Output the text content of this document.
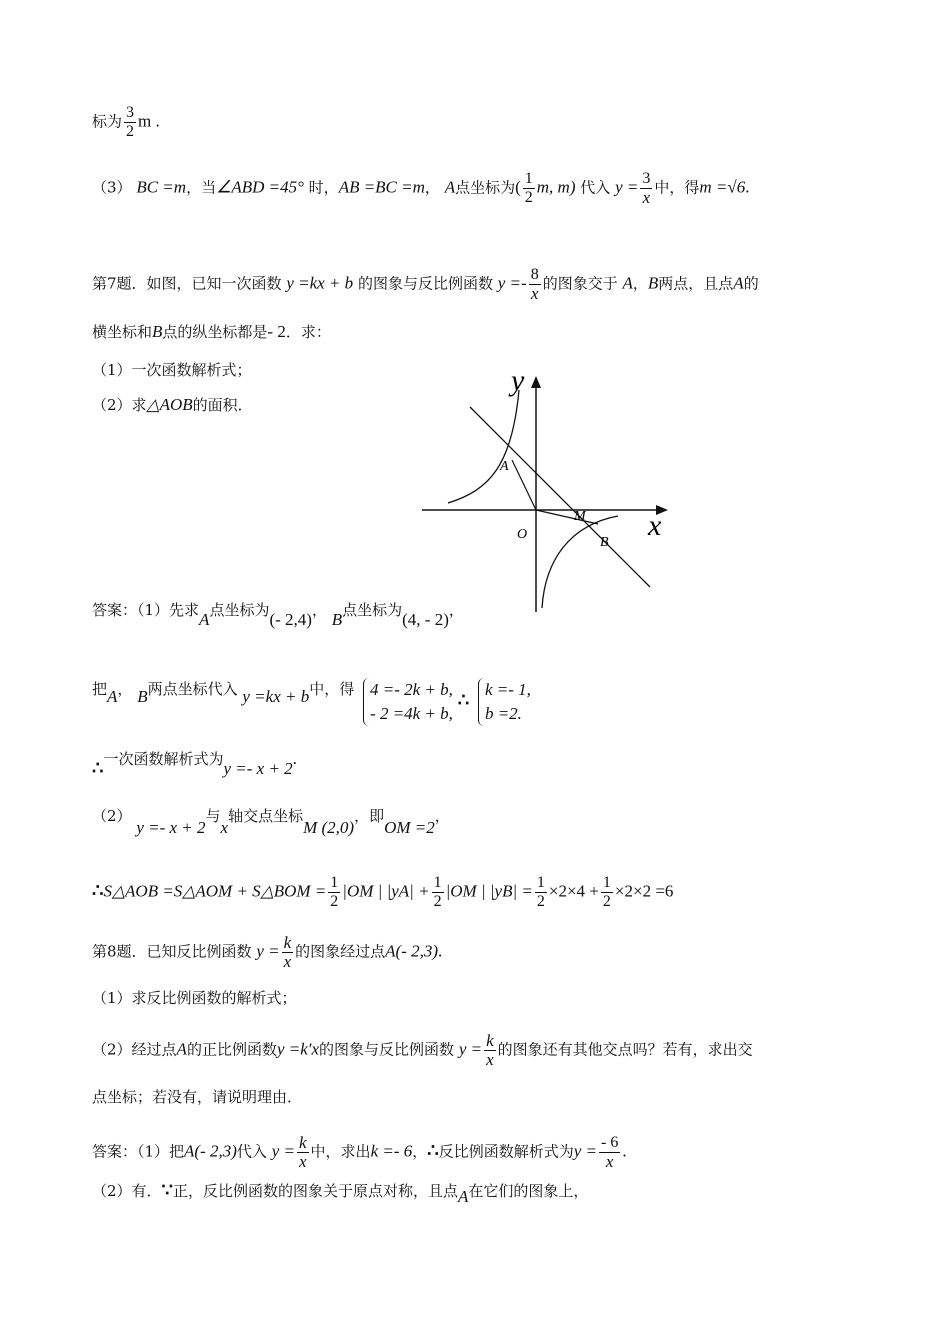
标为 $\frac{3}{2}$ m .
（3） BC =m，当∠ABD =45° 时，AB =BC =m， A点坐标为( $\frac{1}{2} m$, m) 代入 $y = \frac{3}{x}$ 中，得m =√6.
第7题．如图，已知一次函数 y =kx + b 的图象与反比例函数 $y =- \frac{8}{x}$ 的图象交于 A，B两点，且点A的
横坐标和B点的纵坐标都是- 2．求：
（1）一次函数解析式；
（2）求△AOB的面积．
y
x
A
O
M
B
答案：（1）先求A点坐标为(- 2,4)， B点坐标为(4, - 2)，
把A， B两点坐标代入 y =kx + b中，得 4 =- 2k + b,
- 2 =4k + b,
∴
k =- 1,
b =2.
∴一次函数解析式为y =- x + 2.
（2） y =- x + 2与x轴交点坐标M (2,0)，即OM =2，
∴S△AOB =S△AOM + S△BOM = $\frac{1}{2} |OM$ | $|yA| + \frac{1}{2} |OM$ | $|yB| = \frac{1}{2} \times 2\times 4 + \frac{1}{2} \times 2\times 2 =6$
第8题．已知反比例函数 $y = \frac{k}{x}$ 的图象经过点A(- 2,3).
（1）求反比例函数的解析式；
（2）经过点A的正比例函数y =k′x的图象与反比例函数 $y = \frac{k}{x}$ 的图象还有其他交点吗？若有，求出交
点坐标；若没有，请说明理由．
答案：（1）把A(- 2,3)代入 $y = \frac{k}{x}$ 中，求出k =- 6，∴反比例函数解析式为$y = \frac{- 6}{x}$ .
（2）有．∵正，反比例函数的图象关于原点对称，且点A在它们的图象上，
